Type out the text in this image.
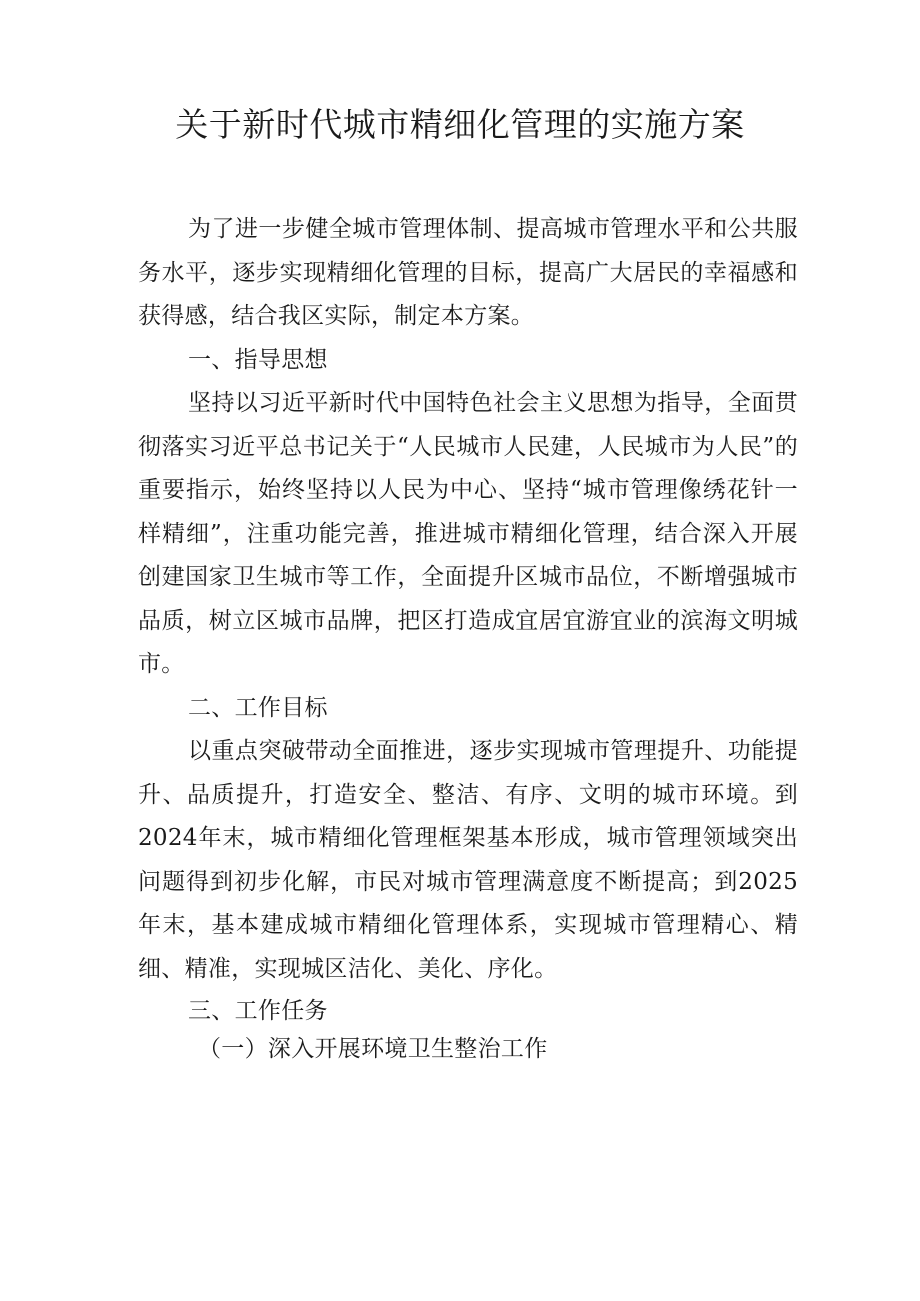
关于新时代城市精细化管理的实施方案

为了进一步健全城市管理体制、提高城市管理水平和公共服务水平，逐步实现精细化管理的目标，提高广大居民的幸福感和获得感，结合我区实际，制定本方案。

一、指导思想

坚持以习近平新时代中国特色社会主义思想为指导，全面贯彻落实习近平总书记关于“人民城市人民建，人民城市为人民”的重要指示，始终坚持以人民为中心、坚持“城市管理像绣花针一样精细”，注重功能完善，推进城市精细化管理，结合深入开展创建国家卫生城市等工作，全面提升区城市品位，不断增强城市品质，树立区城市品牌，把区打造成宜居宜游宜业的滨海文明城市。

二、工作目标

以重点突破带动全面推进，逐步实现城市管理提升、功能提升、品质提升，打造安全、整洁、有序、文明的城市环境。到2024年末，城市精细化管理框架基本形成，城市管理领域突出问题得到初步化解，市民对城市管理满意度不断提高；到2025年末，基本建成城市精细化管理体系，实现城市管理精心、精细、精准，实现城区洁化、美化、序化。

三、工作任务

（一）深入开展环境卫生整治工作
